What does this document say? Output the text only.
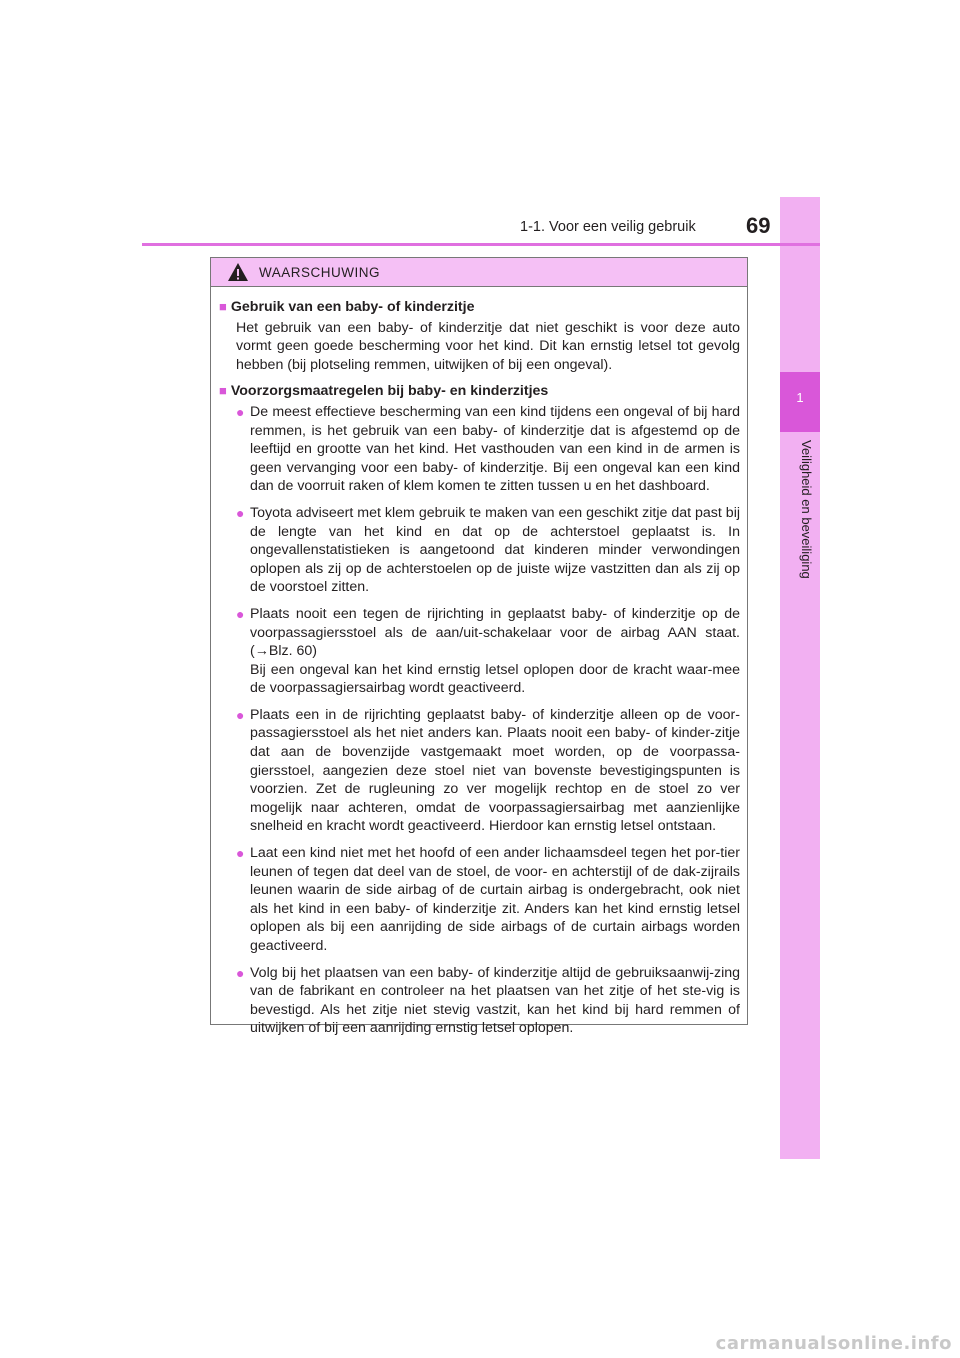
1
Veiligheid en beveiliging
1-1. Voor een veilig gebruik 69
WAARSCHUWING
■ Gebruik van een baby- of kinderzitje
Het gebruik van een baby- of kinderzitje dat niet geschikt is voor deze auto vormt geen goede bescherming voor het kind. Dit kan ernstig letsel tot gevolg hebben (bij plotseling remmen, uitwijken of bij een ongeval).
■ Voorzorgsmaatregelen bij baby- en kinderzitjes
● De meest effectieve bescherming van een kind tijdens een ongeval of bij hard remmen, is het gebruik van een baby- of kinderzitje dat is afgestemd op de leeftijd en grootte van het kind. Het vasthouden van een kind in de armen is geen vervanging voor een baby- of kinderzitje. Bij een ongeval kan een kind dan de voorruit raken of klem komen te zitten tussen u en het dashboard.
● Toyota adviseert met klem gebruik te maken van een geschikt zitje dat past bij de lengte van het kind en dat op de achterstoel geplaatst is. In ongevallenstatistieken is aangetoond dat kinderen minder verwondingen oplopen als zij op de achterstoelen op de juiste wijze vastzitten dan als zij op de voorstoel zitten.
● Plaats nooit een tegen de rijrichting in geplaatst baby- of kinderzitje op de voorpassagiersstoel als de aan/uit-schakelaar voor de airbag AAN staat. (→Blz. 60)

Bij een ongeval kan het kind ernstig letsel oplopen door de kracht waar-mee de voorpassagiersairbag wordt geactiveerd.

● Plaats een in de rijrichting geplaatst baby- of kinderzitje alleen op de voor-passagiersstoel als het niet anders kan. Plaats nooit een baby- of kinder-zitje dat aan de bovenzijde vastgemaakt moet worden, op de voorpassa-giersstoel, aangezien deze stoel niet van bovenste bevestigingspunten is voorzien. Zet de rugleuning zo ver mogelijk rechtop en de stoel zo ver mogelijk naar achteren, omdat de voorpassagiersairbag met aanzienlijke snelheid en kracht wordt geactiveerd. Hierdoor kan ernstig letsel ontstaan.
● Laat een kind niet met het hoofd of een ander lichaamsdeel tegen het por-tier leunen of tegen dat deel van de stoel, de voor- en achterstijl of de dak-zijrails leunen waarin de side airbag of de curtain airbag is ondergebracht, ook niet als het kind in een baby- of kinderzitje zit. Anders kan het kind ernstig letsel oplopen als bij een aanrijding de side airbags of de curtain airbags worden geactiveerd.
● Volg bij het plaatsen van een baby- of kinderzitje altijd de gebruiksaanwij-zing van de fabrikant en controleer na het plaatsen van het zitje of het ste-vig is bevestigd. Als het zitje niet stevig vastzit, kan het kind bij hard remmen of uitwijken of bij een aanrijding ernstig letsel oplopen.
carmanualsonline.info
